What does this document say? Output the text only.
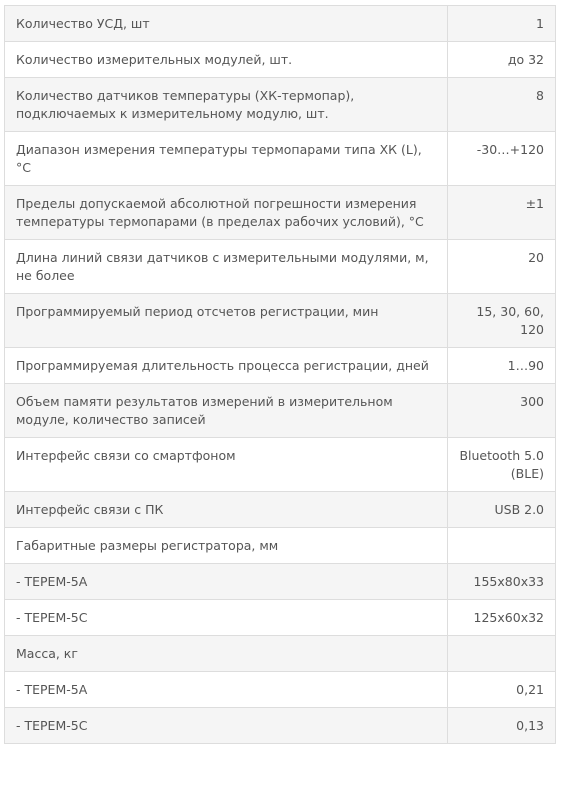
Количество УСД, шт	1
Количество измерительных модулей, шт.	до 32
Количество датчиков температуры (ХК-термопар), подключаемых к измерительному модулю, шт.	8
Диапазон измерения температуры термопарами типа ХК (L), °С	-30…+120
Пределы допускаемой абсолютной погрешности измерения температуры термопарами (в пределах рабочих условий), °С	±1
Длина линий связи датчиков с измерительными модулями, м, не более	20
Программируемый период отсчетов регистрации, мин	15, 30, 60, 120
Программируемая длительность процесса регистрации, дней	1…90
Объем памяти результатов измерений в измерительном модуле, количество записей	300
Интерфейс связи со смартфоном	Bluetooth 5.0 (BLE)
Интерфейс связи с ПК	USB 2.0
Габаритные размеры регистратора, мм	
- ТЕРЕМ-5А	155x80x33
- ТЕРЕМ-5С	125x60x32
Масса, кг	
- ТЕРЕМ-5А	0,21
- ТЕРЕМ-5С	0,13
